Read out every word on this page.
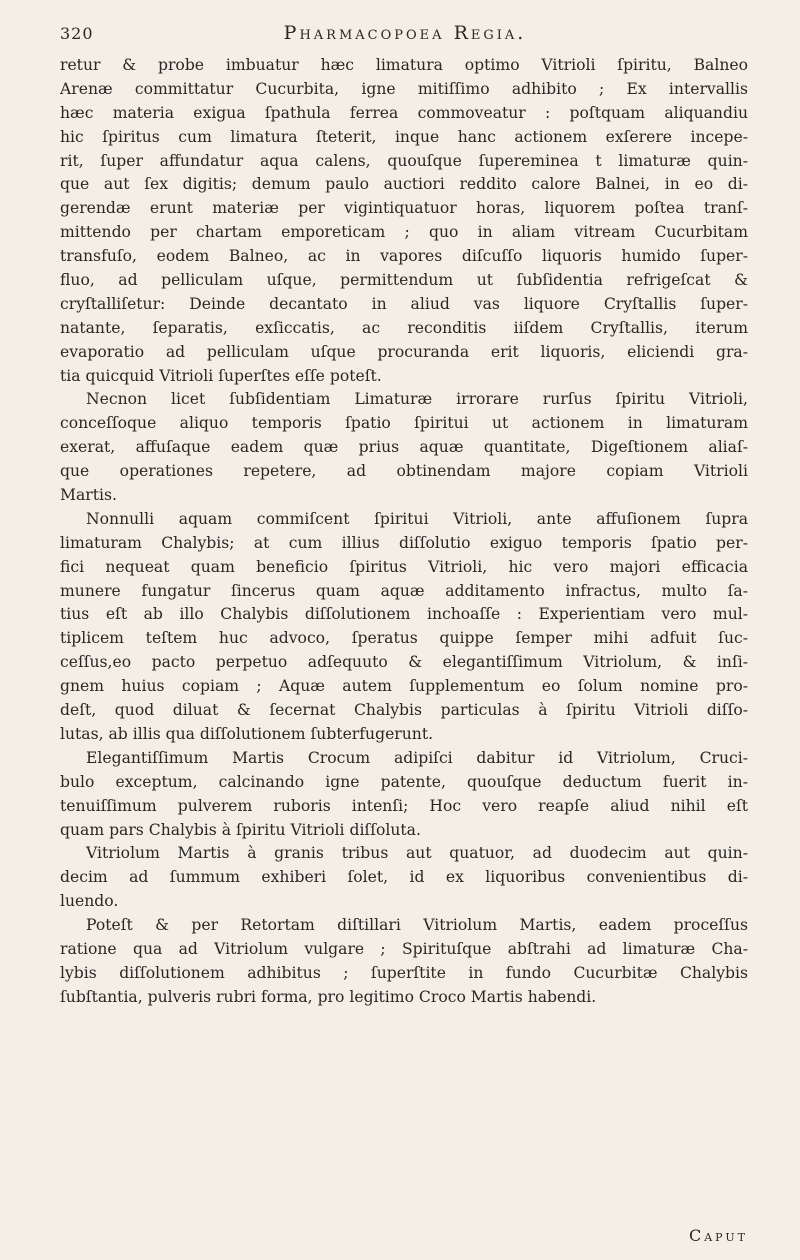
320	Pharmacopoea Regia.
retur & probe imbuatur hæc limatura optimo Vitrioli ſpiritu, Balneo
Arenæ committatur Cucurbita, igne mitiſſimo adhibito ; Ex intervallis
hæc materia exigua ſpathula ferrea commoveatur : poſtquam aliquandiu
hic ſpiritus cum limatura ſteterit, inque hanc actionem exſerere incepe-
rit, ſuper affundatur aqua calens, quouſque ſupereminea t limaturæ quin-
que aut ſex digitis; demum paulo auctiori reddito calore Balnei, in eo di-
gerendæ erunt materiæ per vigintiquatuor horas, liquorem poſtea tranſ-
mittendo per chartam emporeticam ; quo in aliam vitream Cucurbitam
transfuſo, eodem Balneo, ac in vapores diſcuſſo liquoris humido ſuper-
fluo, ad pelliculam uſque, permittendum ut ſubſidentia refrigeſcat &
cryſtalliſetur: Deinde decantato in aliud vas liquore Cryſtallis ſuper-
natante, ſeparatis, exſiccatis, ac reconditis iiſdem Cryſtallis, iterum
evaporatio ad pelliculam uſque procuranda erit liquoris, eliciendi gra-
tia quicquid Vitrioli ſuperſtes eſſe poteſt.
Necnon licet ſubſidentiam Limaturæ irrorare rurſus ſpiritu Vitrioli,
conceſſoque aliquo temporis ſpatio ſpiritui ut actionem in limaturam
exerat, affuſaque eadem quæ prius aquæ quantitate, Digeſtionem aliaſ-
que operationes repetere, ad obtinendam majore copiam Vitrioli
Martis.
Nonnulli aquam commiſcent ſpiritui Vitrioli, ante affuſionem ſupra
limaturam Chalybis; at cum illius diſſolutio exiguo temporis ſpatio per-
fici nequeat quam beneficio ſpiritus Vitrioli, hic vero majori efficacia
munere fungatur ſincerus quam aquæ additamento infractus, multo ſa-
tius eſt ab illo Chalybis diſſolutionem inchoaſſe : Experientiam vero mul-
tiplicem teſtem huc advoco, ſperatus quippe ſemper mihi adfuit ſuc-
ceſſus,eo pacto perpetuo adſequuto & elegantiſſimum Vitriolum, & inſi-
gnem huius copiam ; Aquæ autem ſupplementum eo ſolum nomine pro-
deſt, quod diluat & ſecernat Chalybis particulas à ſpiritu Vitrioli diſſo-
lutas, ab illis qua diſſolutionem ſubterfugerunt.
Elegantiſſimum Martis Crocum adipiſci dabitur id Vitriolum, Cruci-
bulo exceptum, calcinando igne patente, quouſque deductum fuerit in-
tenuiſſimum pulverem ruboris intenſi; Hoc vero reapſe aliud nihil eſt
quam pars Chalybis à ſpiritu Vitrioli diſſoluta.
Vitriolum Martis à granis tribus aut quatuor, ad duodecim aut quin-
decim ad ſummum exhiberi ſolet, id ex liquoribus convenientibus di-
luendo.
Poteſt & per Retortam diſtillari Vitriolum Martis, eadem proceſſus
ratione qua ad Vitriolum vulgare ; Spirituſque abſtrahi ad limaturæ Cha-
lybis diſſolutionem adhibitus ; ſuperſtite in fundo Cucurbitæ Chalybis
ſubſtantia, pulveris rubri forma, pro legitimo Croco Martis habendi.
Caput
